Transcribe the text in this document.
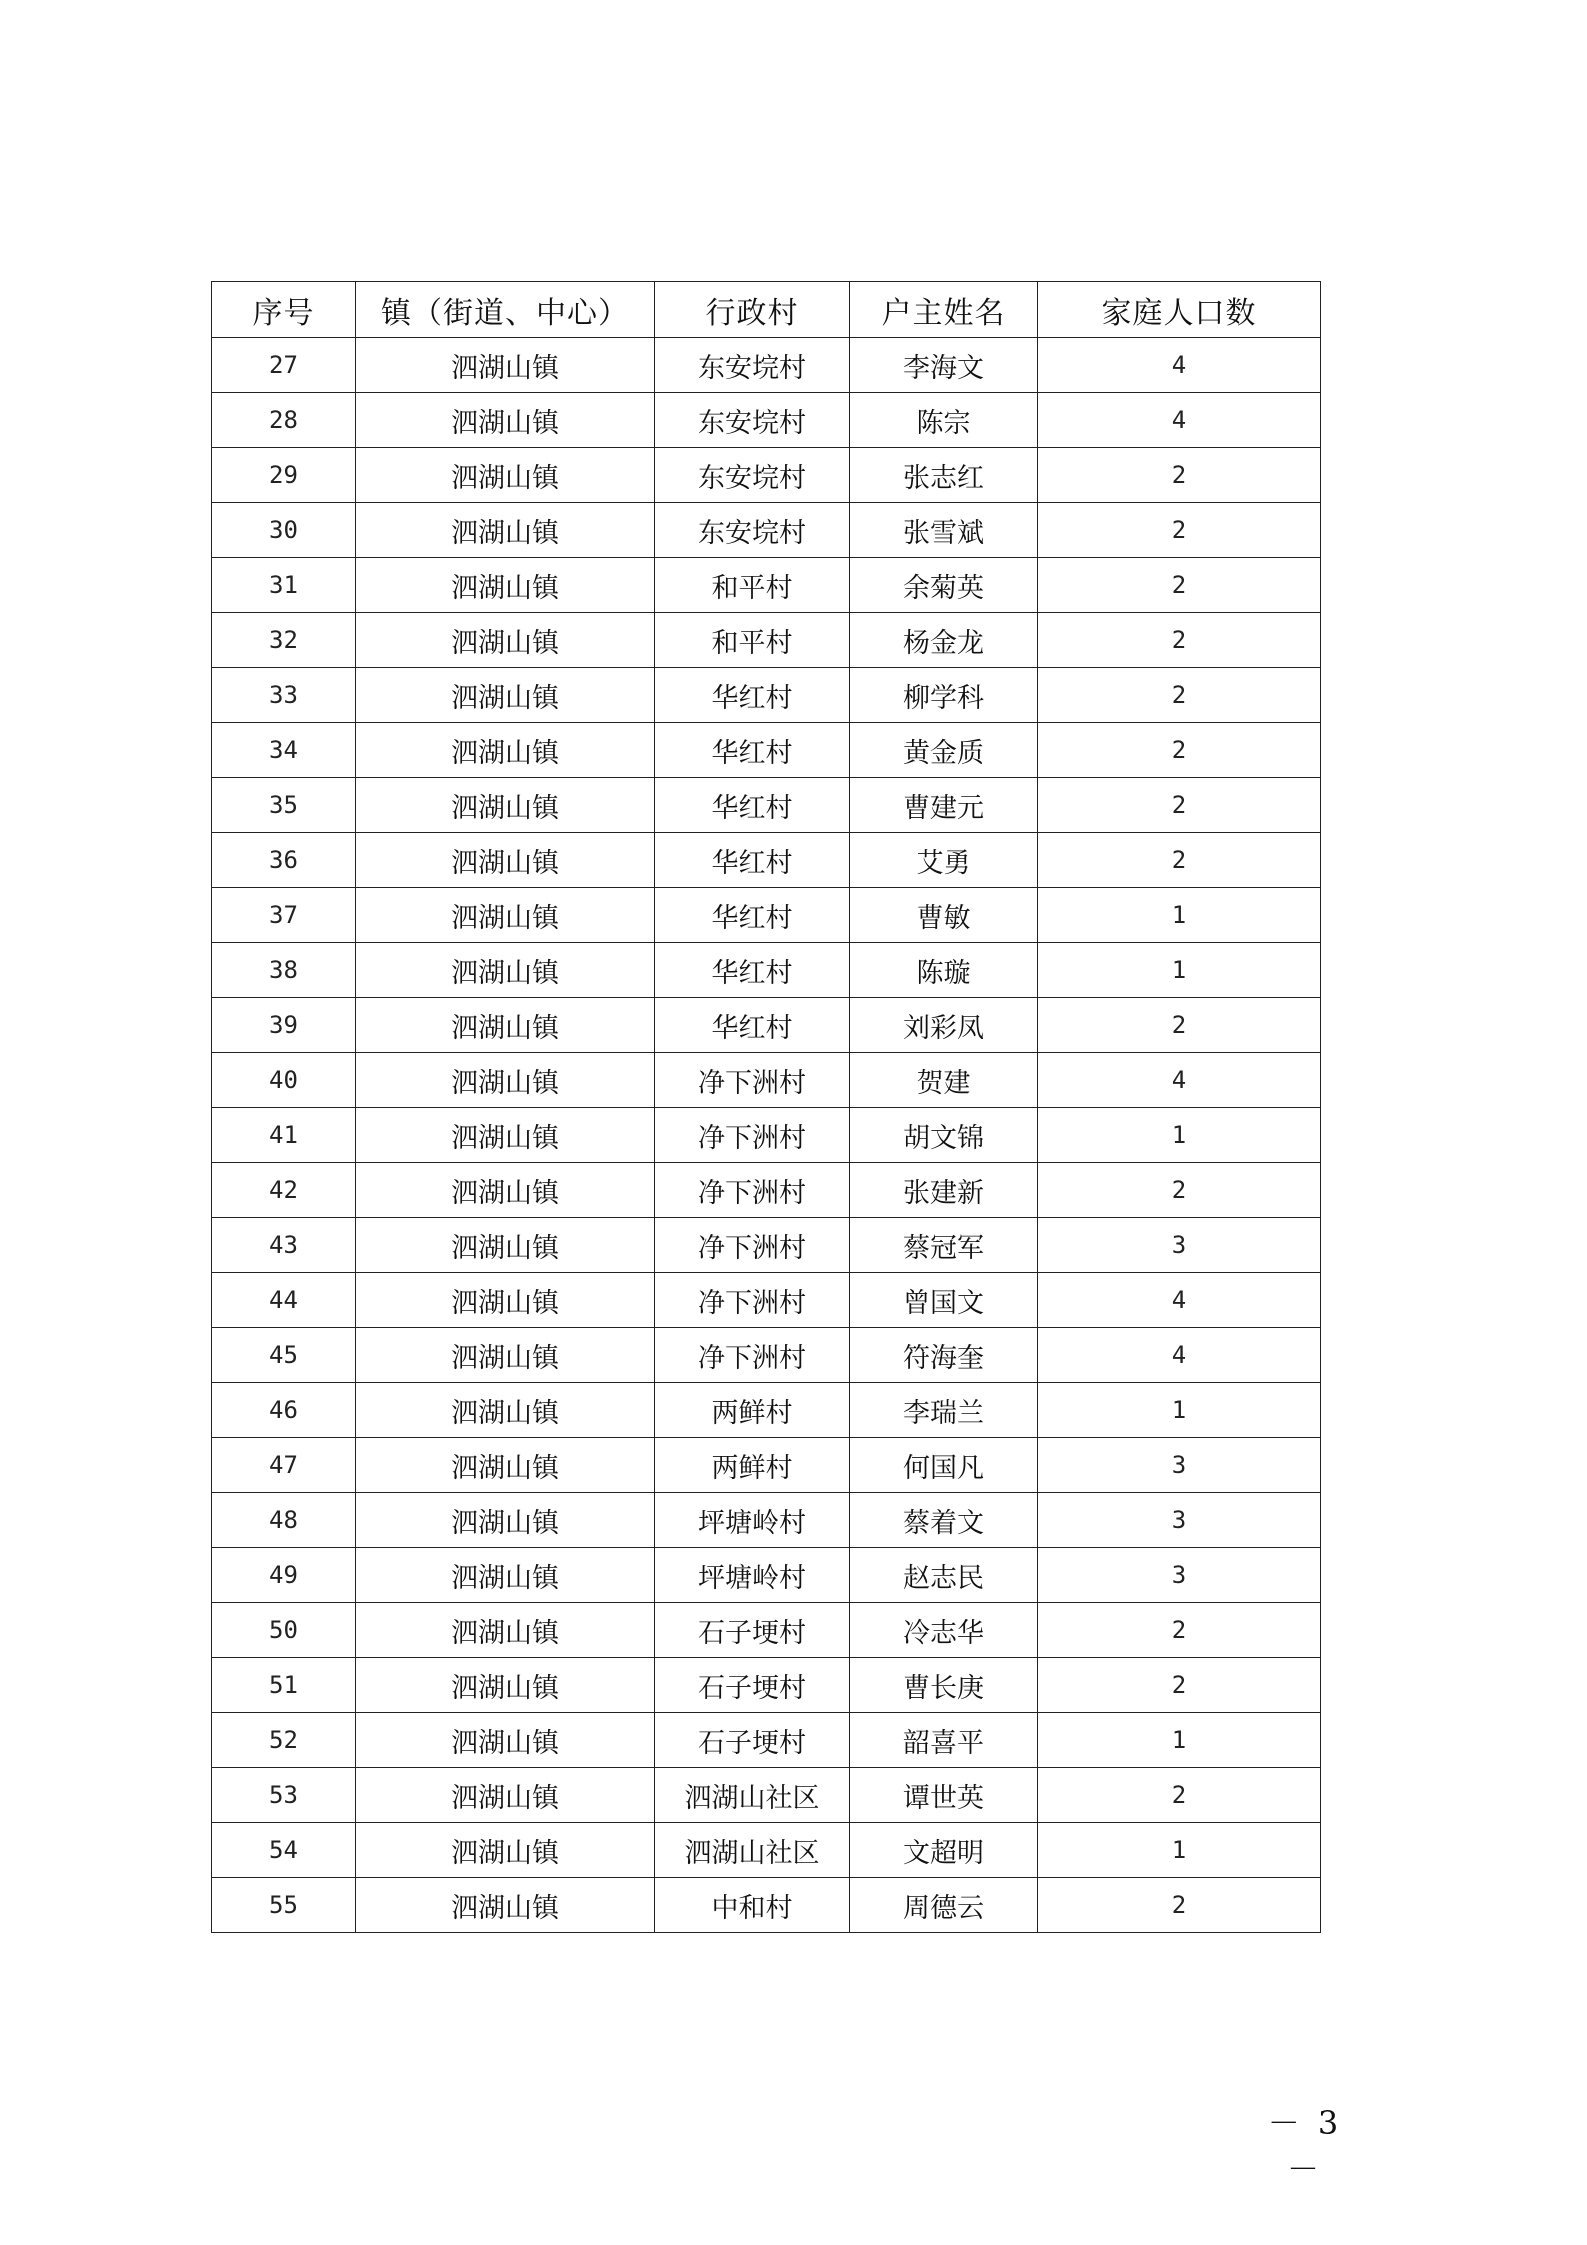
序号	镇（街道、中心）	行政村	户主姓名	家庭人口数
27	泗湖山镇	东安垸村	李海文	4
28	泗湖山镇	东安垸村	陈宗	4
29	泗湖山镇	东安垸村	张志红	2
30	泗湖山镇	东安垸村	张雪斌	2
31	泗湖山镇	和平村	余菊英	2
32	泗湖山镇	和平村	杨金龙	2
33	泗湖山镇	华红村	柳学科	2
34	泗湖山镇	华红村	黄金质	2
35	泗湖山镇	华红村	曹建元	2
36	泗湖山镇	华红村	艾勇	2
37	泗湖山镇	华红村	曹敏	1
38	泗湖山镇	华红村	陈璇	1
39	泗湖山镇	华红村	刘彩凤	2
40	泗湖山镇	净下洲村	贺建	4
41	泗湖山镇	净下洲村	胡文锦	1
42	泗湖山镇	净下洲村	张建新	2
43	泗湖山镇	净下洲村	蔡冠军	3
44	泗湖山镇	净下洲村	曾国文	4
45	泗湖山镇	净下洲村	符海奎	4
46	泗湖山镇	两鲜村	李瑞兰	1
47	泗湖山镇	两鲜村	何国凡	3
48	泗湖山镇	坪塘岭村	蔡着文	3
49	泗湖山镇	坪塘岭村	赵志民	3
50	泗湖山镇	石子埂村	冷志华	2
51	泗湖山镇	石子埂村	曹长庚	2
52	泗湖山镇	石子埂村	韶喜平	1
53	泗湖山镇	泗湖山社区	谭世英	2
54	泗湖山镇	泗湖山社区	文超明	1
55	泗湖山镇	中和村	周德云	2
－ 3 －
